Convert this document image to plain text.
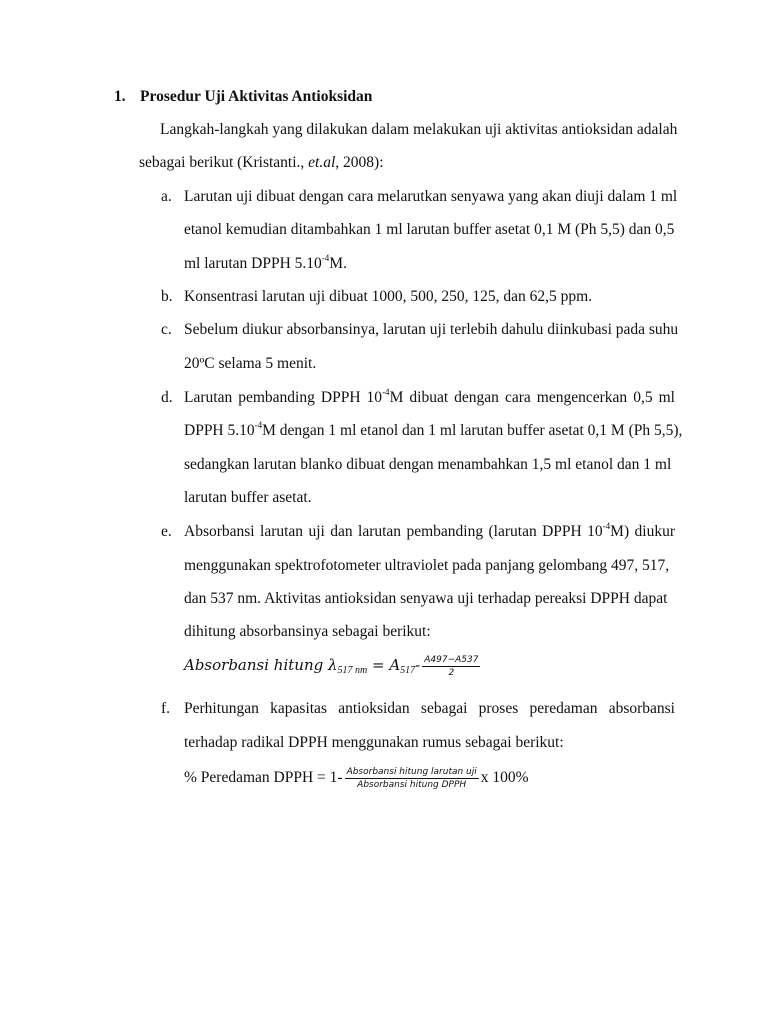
1. Prosedur Uji Aktivitas Antioksidan
Langkah-langkah yang dilakukan dalam melakukan uji aktivitas antioksidan adalah
sebagai berikut (Kristanti., et.al, 2008):
a. Larutan uji dibuat dengan cara melarutkan senyawa yang akan diuji dalam 1 ml
etanol kemudian ditambahkan 1 ml larutan buffer asetat 0,1 M (Ph 5,5) dan 0,5
ml larutan DPPH $5.10^{-4}M$.
b. Konsentrasi larutan uji dibuat 1000, 500, 250, 125, dan 62,5 ppm.
c. Sebelum diukur absorbansinya, larutan uji terlebih dahulu diinkubasi pada suhu
20ºC selama 5 menit.
d. Larutan pembanding DPPH $10^{-4}M$ dibuat dengan cara mengencerkan 0,5 ml
DPPH $5.10^{-4}M$ dengan 1 ml etanol dan 1 ml larutan buffer asetat 0,1 M (Ph 5,5),
sedangkan larutan blanko dibuat dengan menambahkan 1,5 ml etanol dan 1 ml
larutan buffer asetat.
e. Absorbansi larutan uji dan larutan pembanding (larutan DPPH $10^{-4}M$) diukur
menggunakan spektrofotometer ultraviolet pada panjang gelombang 497, 517,
dan 537 nm. Aktivitas antioksidan senyawa uji terhadap pereaksi DPPH dapat
dihitung absorbansinya sebagai berikut:
Absorbansi hitung $\lambda_{517 nm} = A_{517}- \frac{A497-A537}{2}$
f. Perhitungan kapasitas antioksidan sebagai proses peredaman absorbansi
terhadap radikal DPPH menggunakan rumus sebagai berikut:
% Peredaman DPPH = $1- \frac{\text{Absorbansi hitung larutan uji}}{\text{Absorbansi hitung DPPH}}$ x 100%
